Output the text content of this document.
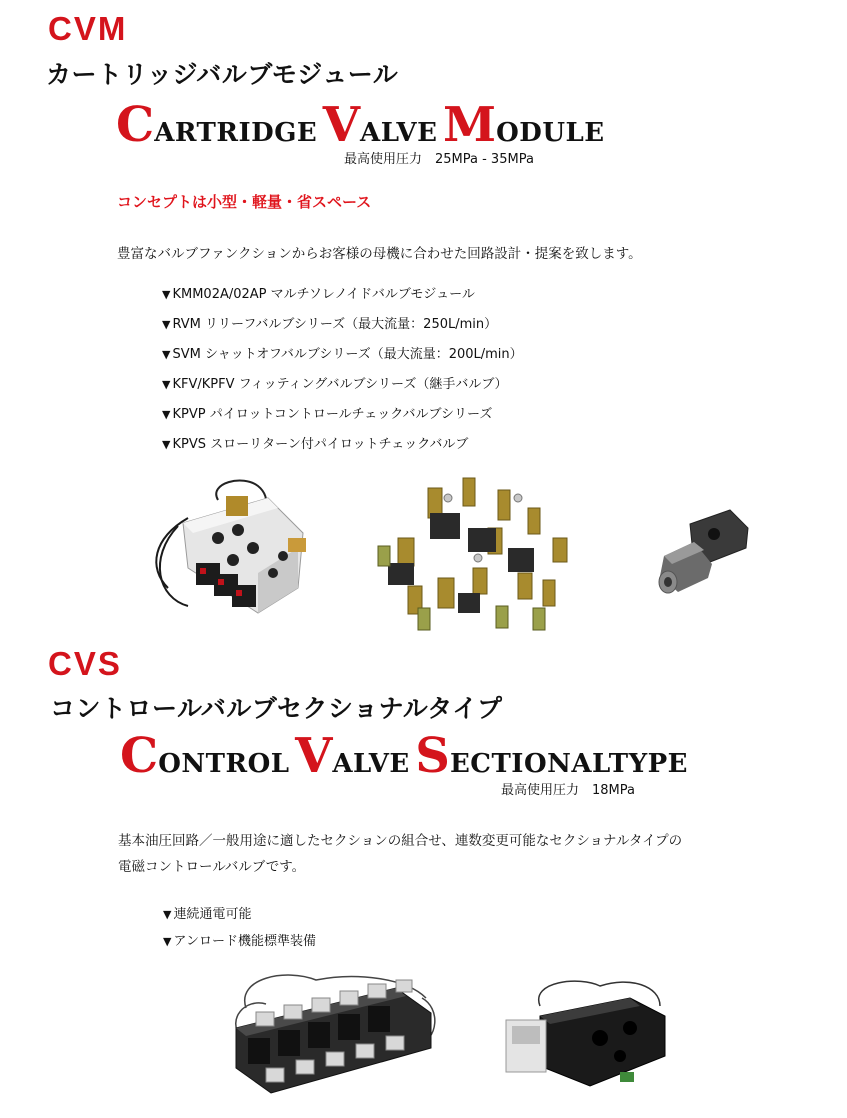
CVM
カートリッジバルブモジュール
CARTRIDGE VALVE MODULE
最高使用圧力　25MPa - 35MPa
コンセプトは小型・軽量・省スペース
豊富なバルブファンクションからお客様の母機に合わせた回路設計・提案を致します。
▼ KMM02A/02AP マルチソレノイドバルブモジュール
▼ RVM リリーフバルブシリーズ（最大流量：250L/min）
▼ SVM シャットオフバルブシリーズ（最大流量：200L/min）
▼ KFV/KPFV フィッティングバルブシリーズ（継手バルブ）
▼ KPVP パイロットコントロールチェックバルブシリーズ
▼ KPVS スローリターン付パイロットチェックバルブ
CVS
コントロールバルブセクショナルタイプ
CONTROL VALVE SECTIONALTYPE
最高使用圧力　18MPa
基本油圧回路／一般用途に適したセクションの組合せ、連数変更可能なセクショナルタイプの
電磁コントロールバルブです。
▼ 連続通電可能
▼ アンロード機能標準装備
